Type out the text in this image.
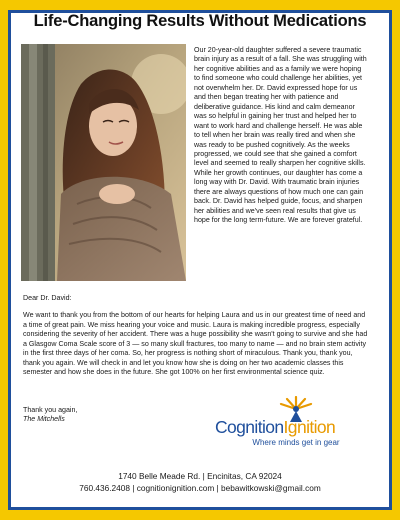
Life-Changing Results Without Medications
Our 20-year-old daughter suffered a severe traumatic brain injury as a result of a fall. She was struggling with her cognitive abilities and as a family we were hoping to find someone who could challenge her abilities, yet not overwhelm her. Dr. David expressed hope for us and then began treating her with patience and deliberative guidance. His kind and calm demeanor was so helpful in gaining her trust and helped her to want to work hard and challenge herself. He was able to tell when her brain was really tired and when she was ready to be pushed cognitively. As the weeks progressed, we could see that she gained a comfort level and seemed to really sharpen her cognitive skills. While her growth continues, our daughter has come a long way with Dr. David. With traumatic brain injuries there are always questions of how much one can gain back. Dr. David has helped guide, focus, and sharpen her abilities and we've seen real results that give us hope for the long term-future. We are forever grateful.
Dear Dr. David:
We want to thank you from the bottom of our hearts for helping Laura and us in our greatest time of need and a time of great pain. We miss hearing your voice and music. Laura is making incredible progress, especially considering the severity of her accident. There was a huge possibility she wasn't going to survive and she had a Glasgow Coma Scale score of 3 — so many skull fractures, too many to name — and no brain stem activity in the first three days of her coma. So, her progress is nothing short of miraculous. Thank you, thank you, thank you again. We will check in and let you know how she is doing on her two academic classes this semester and how she does in the future. She got 100% on her first environmental science quiz.
Thank you again,
The Mitchells	CognitionIgnition
Where minds get in gear
1740 Belle Meade Rd. | Encinitas, CA 92024
760.436.2408 | cognitionignition.com | bebawitkowski@gmail.com
